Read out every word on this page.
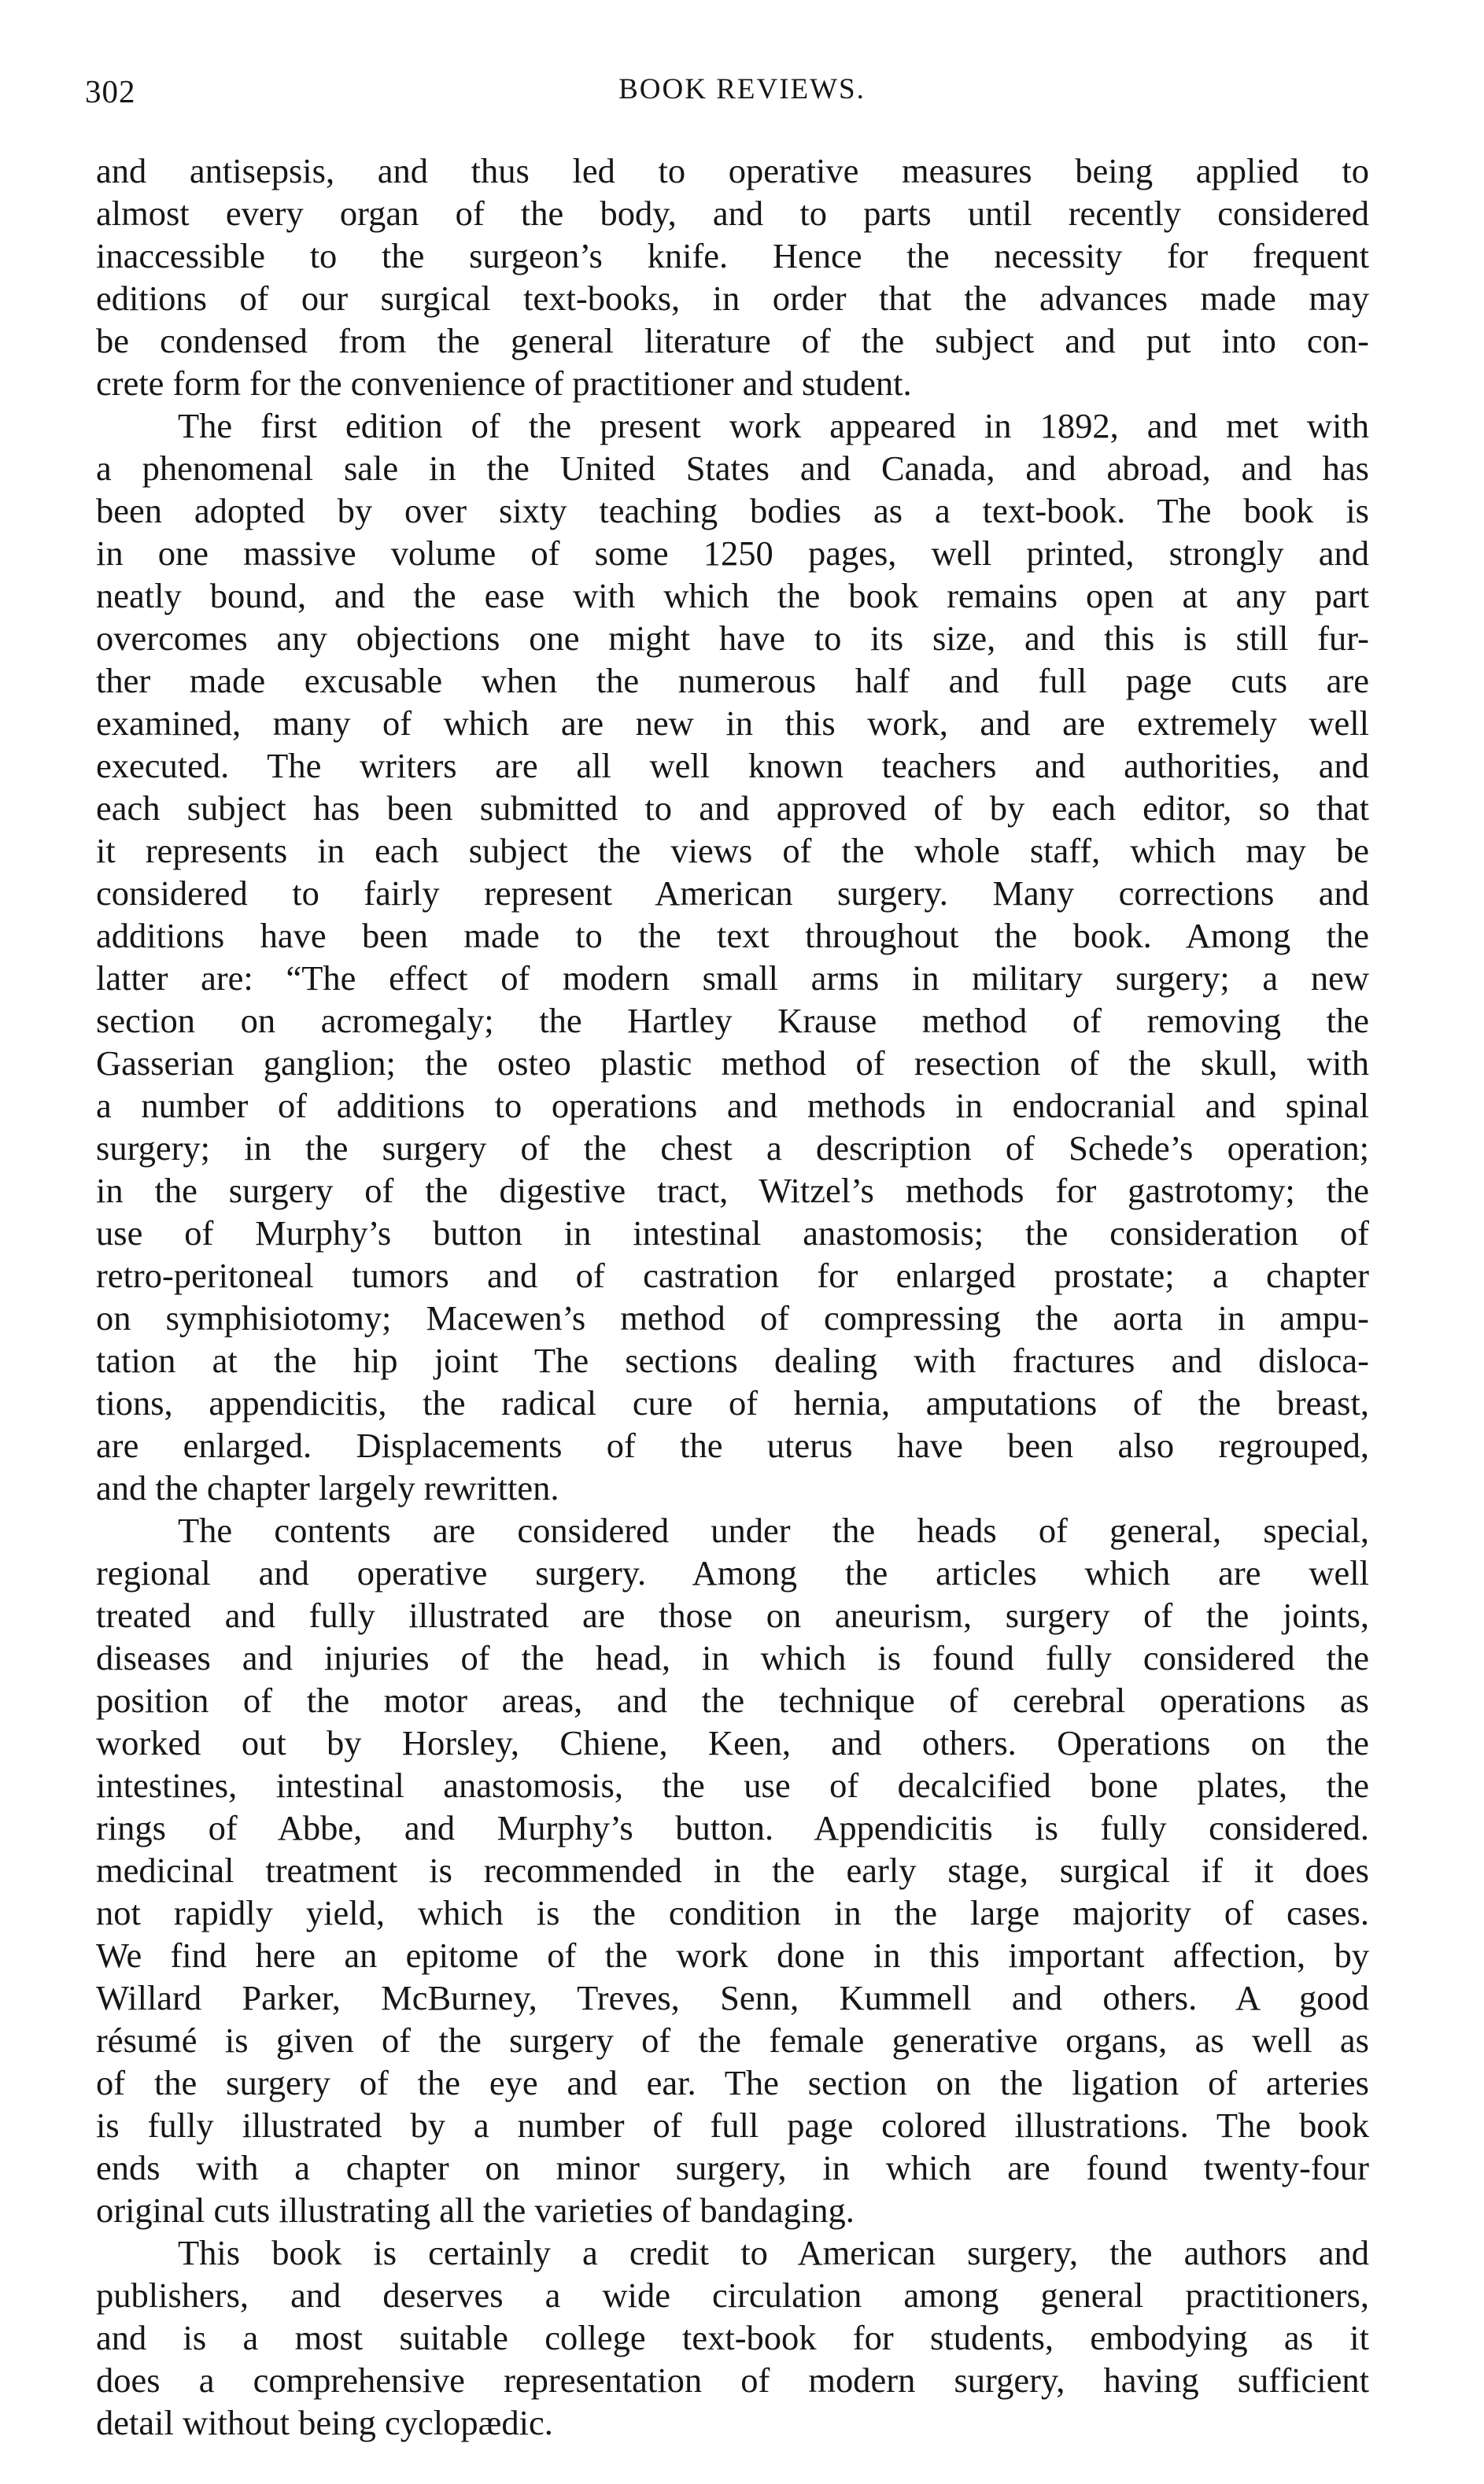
302	BOOK REVIEWS.
and antisepsis, and thus led to operative measures being applied to
almost every organ of the body, and to parts until recently considered
inaccessible to the surgeon’s knife. Hence the necessity for frequent
editions of our surgical text-books, in order that the advances made may
be condensed from the general literature of the subject and put into con-
crete form for the convenience of practitioner and student.
The first edition of the present work appeared in 1892, and met with
a phenomenal sale in the United States and Canada, and abroad, and has
been adopted by over sixty teaching bodies as a text-book. The book is
in one massive volume of some 1250 pages, well printed, strongly and
neatly bound, and the ease with which the book remains open at any part
overcomes any objections one might have to its size, and this is still fur-
ther made excusable when the numerous half and full page cuts are
examined, many of which are new in this work, and are extremely well
executed. The writers are all well known teachers and authorities, and
each subject has been submitted to and approved of by each editor, so that
it represents in each subject the views of the whole staff, which may be
considered to fairly represent American surgery. Many corrections and
additions have been made to the text throughout the book. Among the
latter are: “The effect of modern small arms in military surgery; a new
section on acromegaly; the Hartley Krause method of removing the
Gasserian ganglion; the osteo plastic method of resection of the skull, with
a number of additions to operations and methods in endocranial and spinal
surgery; in the surgery of the chest a description of Schede’s operation;
in the surgery of the digestive tract, Witzel’s methods for gastrotomy; the
use of Murphy’s button in intestinal anastomosis; the consideration of
retro-peritoneal tumors and of castration for enlarged prostate; a chapter
on symphisiotomy; Macewen’s method of compressing the aorta in ampu-
tation at the hip joint The sections dealing with fractures and disloca-
tions, appendicitis, the radical cure of hernia, amputations of the breast,
are enlarged. Displacements of the uterus have been also regrouped,
and the chapter largely rewritten.
The contents are considered under the heads of general, special,
regional and operative surgery. Among the articles which are well
treated and fully illustrated are those on aneurism, surgery of the joints,
diseases and injuries of the head, in which is found fully considered the
position of the motor areas, and the technique of cerebral operations as
worked out by Horsley, Chiene, Keen, and others. Operations on the
intestines, intestinal anastomosis, the use of decalcified bone plates, the
rings of Abbe, and Murphy’s button. Appendicitis is fully considered.
medicinal treatment is recommended in the early stage, surgical if it does
not rapidly yield, which is the condition in the large majority of cases.
We find here an epitome of the work done in this important affection, by
Willard Parker, McBurney, Treves, Senn, Kummell and others. A good
résumé is given of the surgery of the female generative organs, as well as
of the surgery of the eye and ear. The section on the ligation of arteries
is fully illustrated by a number of full page colored illustrations. The book
ends with a chapter on minor surgery, in which are found twenty-four
original cuts illustrating all the varieties of bandaging.
This book is certainly a credit to American surgery, the authors and
publishers, and deserves a wide circulation among general practitioners,
and is a most suitable college text-book for students, embodying as it
does a comprehensive representation of modern surgery, having sufficient
detail without being cyclopædic.
